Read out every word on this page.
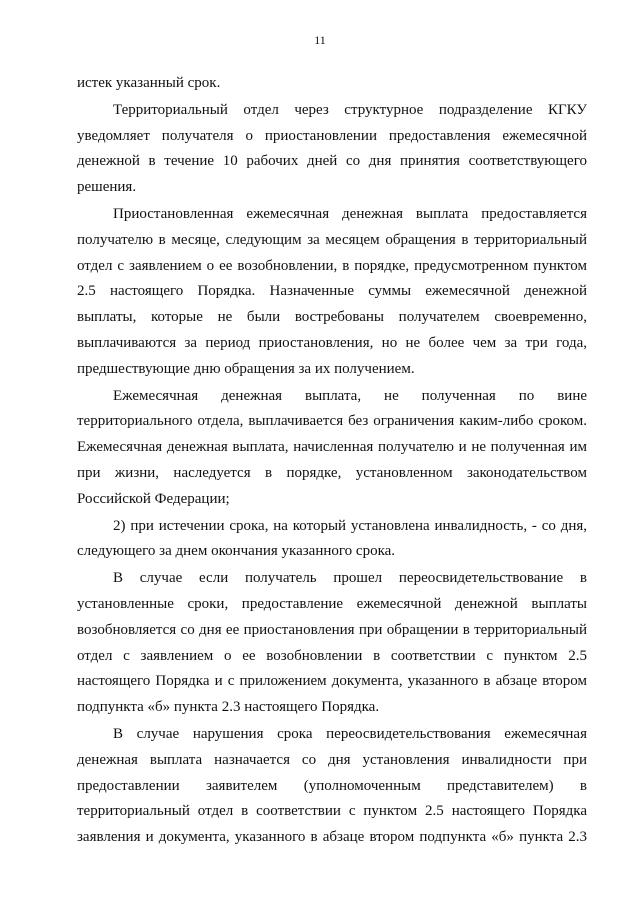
11

истек указанный срок.

Территориальный отдел через структурное подразделение КГКУ уведомляет получателя о приостановлении предоставления ежемесячной денежной в течение 10 рабочих дней со дня принятия соответствующего решения.

Приостановленная ежемесячная денежная выплата предоставляется получателю в месяце, следующим за месяцем обращения в территориальный отдел с заявлением о ее возобновлении, в порядке, предусмотренном пунктом 2.5 настоящего Порядка. Назначенные суммы ежемесячной денежной выплаты, которые не были востребованы получателем своевременно, выплачиваются за период приостановления, но не более чем за три года, предшествующие дню обращения за их получением.

Ежемесячная денежная выплата, не полученная по вине территориального отдела, выплачивается без ограничения каким-либо сроком. Ежемесячная денежная выплата, начисленная получателю и не полученная им при жизни, наследуется в порядке, установленном законодательством Российской Федерации;

2) при истечении срока, на который установлена инвалидность, - со дня, следующего за днем окончания указанного срока.

В случае если получатель прошел переосвидетельствование в установленные сроки, предоставление ежемесячной денежной выплаты возобновляется со дня ее приостановления при обращении в территориальный отдел с заявлением о ее возобновлении в соответствии с пунктом 2.5 настоящего Порядка и с приложением документа, указанного в абзаце втором подпункта «б» пункта 2.3 настоящего Порядка.

В случае нарушения срока переосвидетельствования ежемесячная денежная выплата назначается со дня установления инвалидности при предоставлении заявителем (уполномоченным представителем) в территориальный отдел в соответствии с пунктом 2.5 настоящего Порядка заявления и документа, указанного в абзаце втором подпункта «б» пункта 2.3
